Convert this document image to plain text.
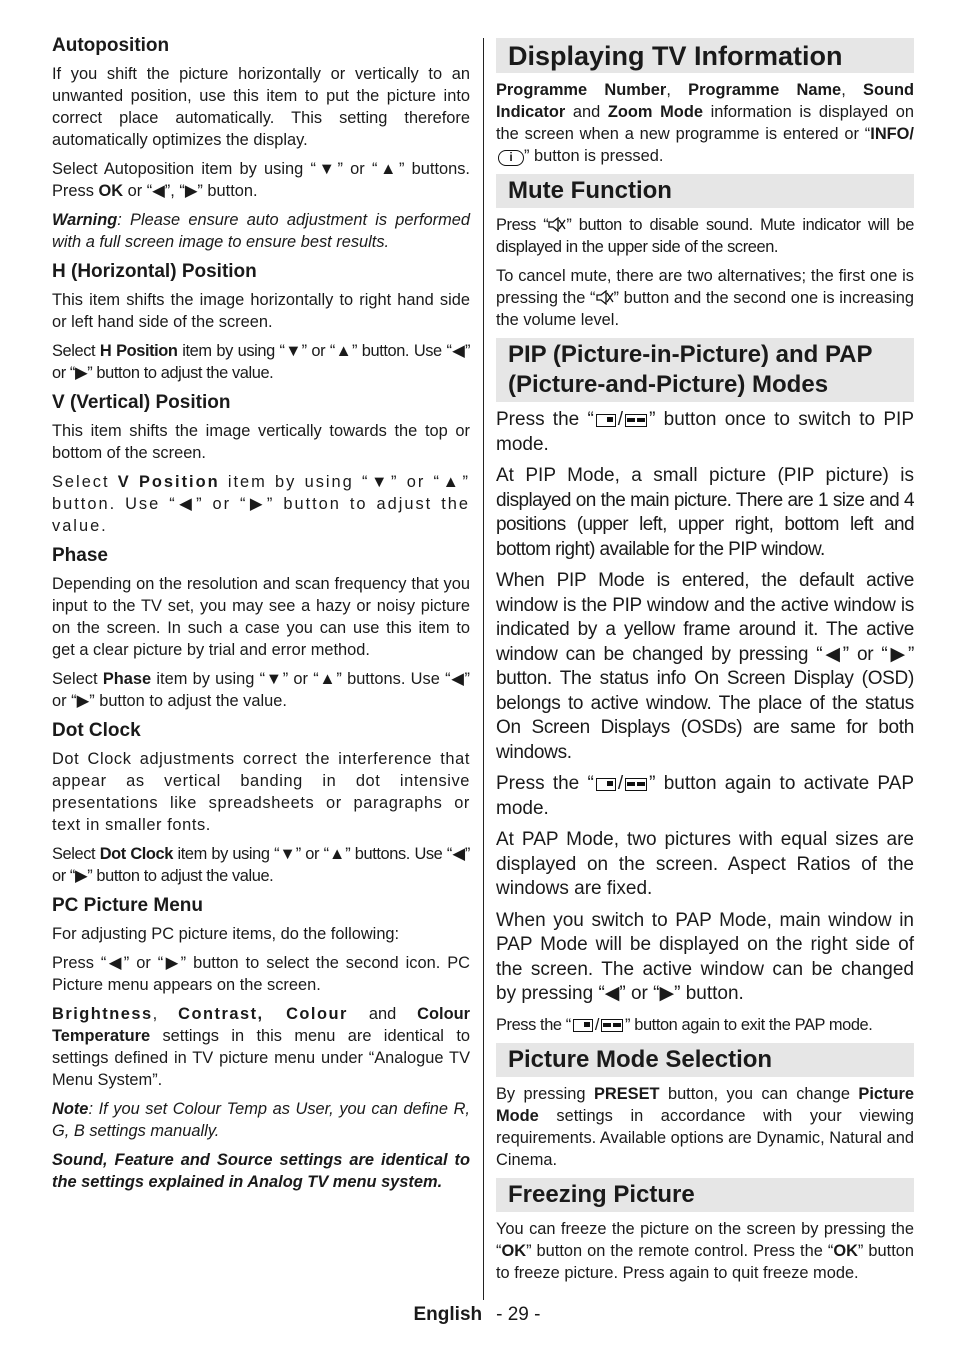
Autoposition

If you shift the picture horizontally or vertically to an unwanted position, use this item to put the picture into correct place automatically. This setting therefore automatically optimizes the display.

Select Autoposition item by using “▼” or “▲” buttons. Press OK or “◀”, “▶” button.

Warning: Please ensure auto adjustment is performed with a full screen image to ensure best results.

H (Horizontal) Position

This item shifts the image horizontally to right hand side or left hand side of the screen.

Select H Position item by using “▼” or “▲” button. Use “◀” or “▶” button to adjust the value.

V (Vertical) Position

This item shifts the image vertically towards the top or bottom of the screen.

Select V Position item by using “▼” or “▲” button. Use “◀” or “▶” button to adjust the value.

Phase

Depending on the resolution and scan frequency that you input to the TV set, you may see a hazy or noisy picture on the screen. In such a case you can use this item to get a clear picture by trial and error method.

Select Phase item by using “▼” or “▲” buttons. Use “◀” or “▶” button to adjust the value.

Dot Clock

Dot Clock adjustments correct the interference that appear as vertical banding in dot intensive presentations like spreadsheets or paragraphs or text in smaller fonts.

Select Dot Clock item by using “▼” or “▲” buttons. Use “◀” or “▶” button to adjust the value.

PC Picture Menu

For adjusting PC picture items, do the following:

Press “◀” or “▶” button to select the second icon. PC Picture menu appears on the screen.

Brightness, Contrast, Colour and Colour Temperature settings in this menu are identical to settings defined in TV picture menu under “Analogue TV Menu System”.

Note: If you set Colour Temp as User, you can define R, G, B settings manually.

Sound, Feature and Source settings are identical to the settings explained in Analog TV menu system.

Displaying TV Information

Programme Number, Programme Name, Sound Indicator and Zoom Mode information is displayed on the screen when a new programme is entered or “INFO/i ” button is pressed.

Mute Function

Press “ ” button to disable sound. Mute indicator will be displayed in the upper side of the screen.

To cancel mute, there are two alternatives; the first one is pressing the “ ” button and the second one is increasing the volume level.

PIP (Picture-in-Picture) and PAP (Picture-and-Picture) Modes

Press the “ / ” button once to switch to PIP mode.

At PIP Mode, a small picture (PIP picture) is displayed on the main picture. There are 1 size and 4 positions (upper left, upper right, bottom left and bottom right) available for the PIP window.

When PIP Mode is entered, the default active window is the PIP window and the active window is indicated by a yellow frame around it. The active window can be changed by pressing “◀” or “▶” button. The status info On Screen Display (OSD) belongs to active window. The place of the status On Screen Displays (OSDs) are same for both windows.

Press the “ / ” button again to activate PAP mode.

At PAP Mode, two pictures with equal sizes are displayed on the screen. Aspect Ratios of the windows are fixed.

When you switch to PAP Mode, main window in PAP Mode will be displayed on the right side of the screen. The active window can be changed by pressing “◀” or “▶” button.

Press the “ / ” button again to exit the PAP mode.

Picture Mode Selection

By pressing PRESET button, you can change Picture Mode settings in accordance with your viewing requirements. Available options are Dynamic, Natural and Cinema.

Freezing Picture

You can freeze the picture on the screen by pressing the “OK” button on the remote control. Press the “OK” button to freeze picture. Press again to quit freeze mode.

English - 29 -
